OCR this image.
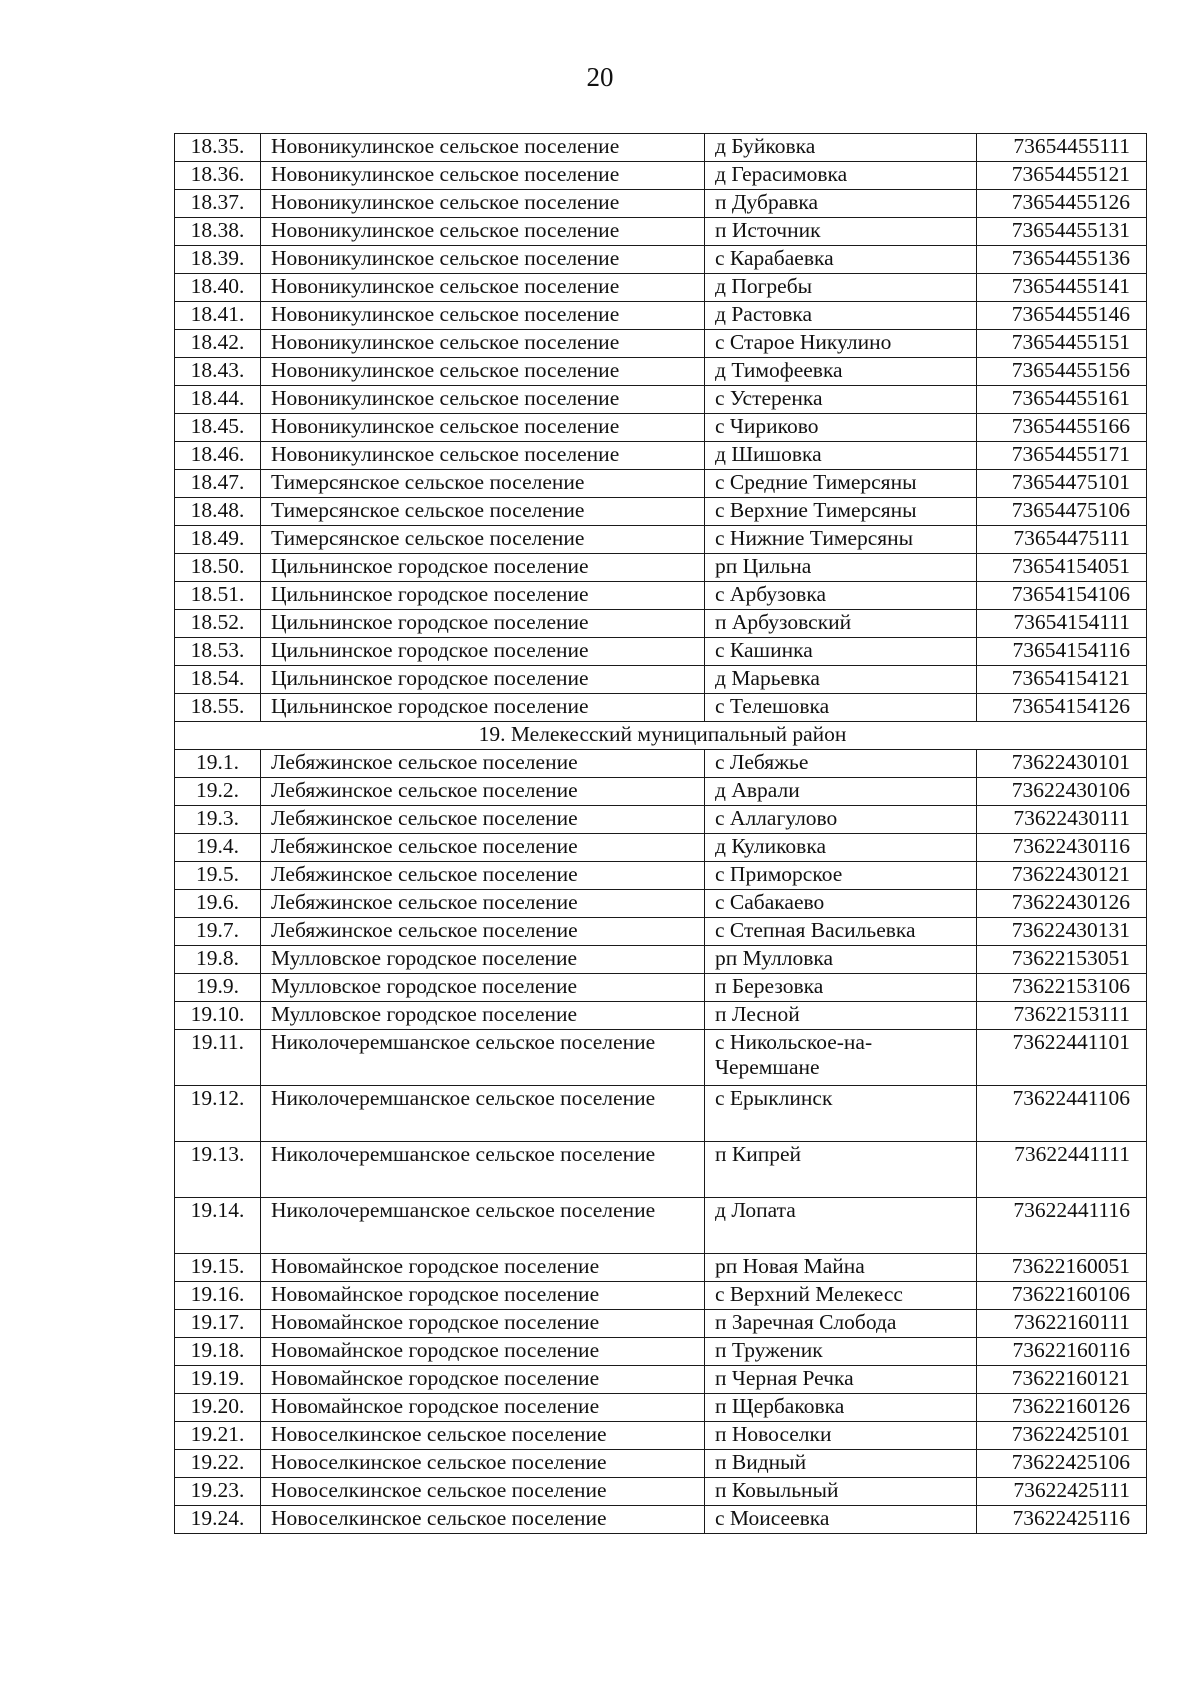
20
18.35.	Новоникулинское сельское поселение	д Буйковка	73654455111
18.36.	Новоникулинское сельское поселение	д Герасимовка	73654455121
18.37.	Новоникулинское сельское поселение	п Дубравка	73654455126
18.38.	Новоникулинское сельское поселение	п Источник	73654455131
18.39.	Новоникулинское сельское поселение	с Карабаевка	73654455136
18.40.	Новоникулинское сельское поселение	д Погребы	73654455141
18.41.	Новоникулинское сельское поселение	д Растовка	73654455146
18.42.	Новоникулинское сельское поселение	с Старое Никулино	73654455151
18.43.	Новоникулинское сельское поселение	д Тимофеевка	73654455156
18.44.	Новоникулинское сельское поселение	с Устеренка	73654455161
18.45.	Новоникулинское сельское поселение	с Чириково	73654455166
18.46.	Новоникулинское сельское поселение	д Шишовка	73654455171
18.47.	Тимерсянское сельское поселение	с Средние Тимерсяны	73654475101
18.48.	Тимерсянское сельское поселение	с Верхние Тимерсяны	73654475106
18.49.	Тимерсянское сельское поселение	с Нижние Тимерсяны	73654475111
18.50.	Цильнинское городское поселение	рп Цильна	73654154051
18.51.	Цильнинское городское поселение	с Арбузовка	73654154106
18.52.	Цильнинское городское поселение	п Арбузовский	73654154111
18.53.	Цильнинское городское поселение	с Кашинка	73654154116
18.54.	Цильнинское городское поселение	д Марьевка	73654154121
18.55.	Цильнинское городское поселение	с Телешовка	73654154126
19. Мелекесский муниципальный район			
19.1.	Лебяжинское сельское поселение	с Лебяжье	73622430101
19.2.	Лебяжинское сельское поселение	д Аврали	73622430106
19.3.	Лебяжинское сельское поселение	с Аллагулово	73622430111
19.4.	Лебяжинское сельское поселение	д Куликовка	73622430116
19.5.	Лебяжинское сельское поселение	с Приморское	73622430121
19.6.	Лебяжинское сельское поселение	с Сабакаево	73622430126
19.7.	Лебяжинское сельское поселение	с Степная Васильевка	73622430131
19.8.	Мулловское городское поселение	рп Мулловка	73622153051
19.9.	Мулловское городское поселение	п Березовка	73622153106
19.10.	Мулловское городское поселение	п Лесной	73622153111
19.11.	Николочеремшанское сельское поселение	с Никольское-на-Черемшане	73622441101
19.12.	Николочеремшанское сельское поселение	с Ерыклинск	73622441106
19.13.	Николочеремшанское сельское поселение	п Кипрей	73622441111
19.14.	Николочеремшанское сельское поселение	д Лопата	73622441116
19.15.	Новомайнское городское поселение	рп Новая Майна	73622160051
19.16.	Новомайнское городское поселение	с Верхний Мелекесс	73622160106
19.17.	Новомайнское городское поселение	п Заречная Слобода	73622160111
19.18.	Новомайнское городское поселение	п Труженик	73622160116
19.19.	Новомайнское городское поселение	п Черная Речка	73622160121
19.20.	Новомайнское городское поселение	п Щербаковка	73622160126
19.21.	Новоселкинское сельское поселение	п Новоселки	73622425101
19.22.	Новоселкинское сельское поселение	п Видный	73622425106
19.23.	Новоселкинское сельское поселение	п Ковыльный	73622425111
19.24.	Новоселкинское сельское поселение	с Моисеевка	73622425116
